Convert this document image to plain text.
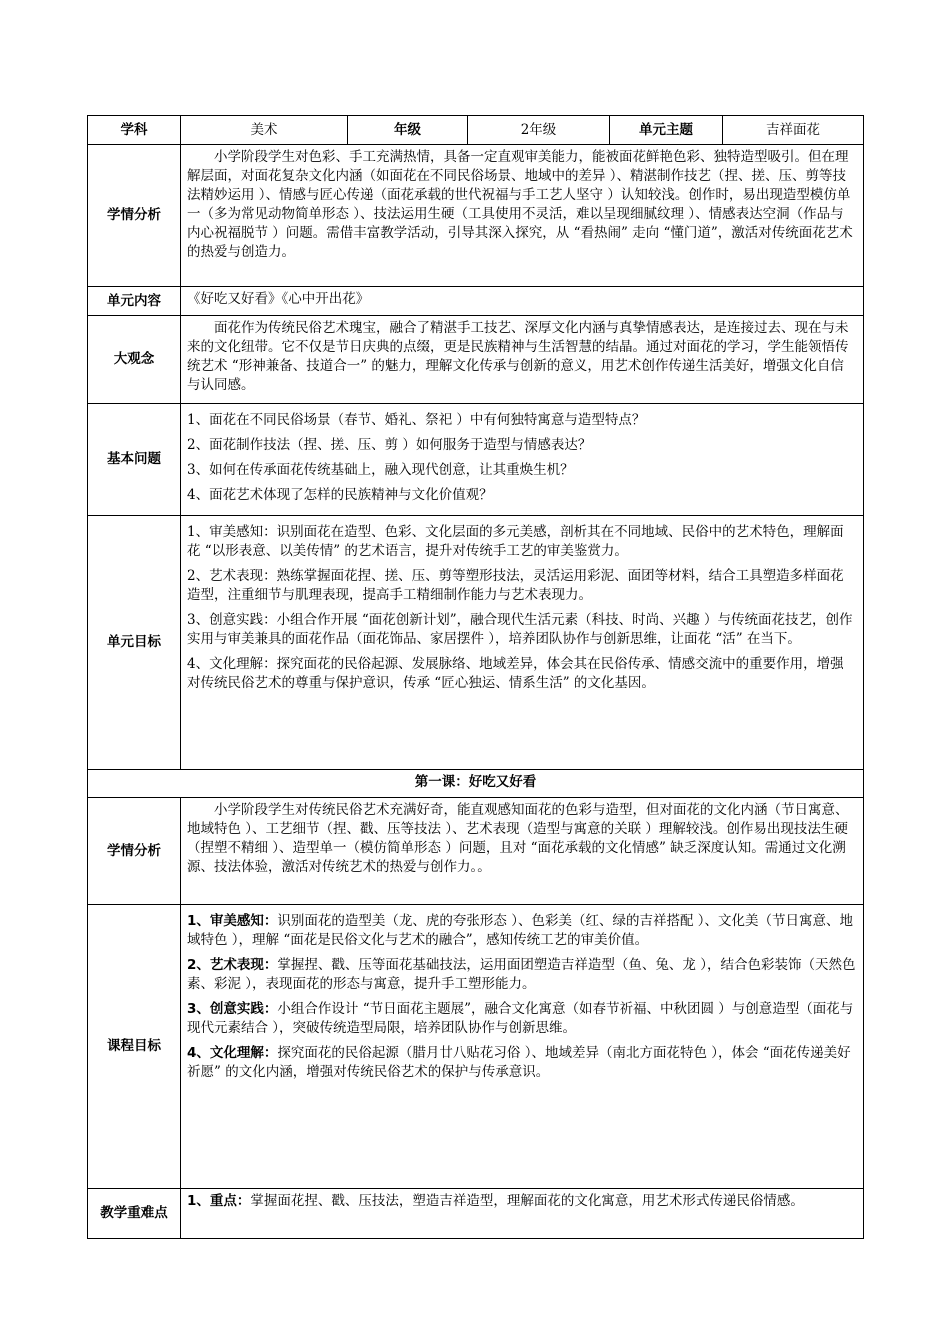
学科	美术	年级	2年级	单元主题	吉祥面花
学情分析	小学阶段学生对色彩、手工充满热情，具备一定直观审美能力，能被面花鲜艳色彩、独特造型吸引。但在理解层面，对面花复杂文化内涵（如面花在不同民俗场景、地域中的差异 ）、精湛制作技艺（捏、搓、压、剪等技法精妙运用 ）、情感与匠心传递（面花承载的世代祝福与手工艺人坚守 ）认知较浅。创作时，易出现造型模仿单一（多为常见动物简单形态 ）、技法运用生硬（工具使用不灵活，难以呈现细腻纹理 ）、情感表达空洞（作品与内心祝福脱节 ）问题。需借丰富教学活动，引导其深入探究，从 “看热闹” 走向 “懂门道”，激活对传统面花艺术的热爱与创造力。				

单元内容	《好吃又好看》《心中开出花》				
大观念	面花作为传统民俗艺术瑰宝，融合了精湛手工技艺、深厚文化内涵与真挚情感表达，是连接过去、现在与未来的文化纽带。它不仅是节日庆典的点缀，更是民族精神与生活智慧的结晶。通过对面花的学习，学生能领悟传统艺术 “形神兼备、技道合一” 的魅力，理解文化传承与创新的意义，用艺术创作传递生活美好，增强文化自信与认同感。				

基本问题	1、面花在不同民俗场景（春节、婚礼、祭祀 ）中有何独特寓意与造型特点？

2、面花制作技法（捏、搓、压、剪 ）如何服务于造型与情感表达？

3、如何在传承面花传统基础上，融入现代创意，让其重焕生机？

4、面花艺术体现了怎样的民族精神与文化价值观？				

单元目标	1、审美感知：识别面花在造型、色彩、文化层面的多元美感，剖析其在不同地域、民俗中的艺术特色，理解面花 “以形表意、以美传情” 的艺术语言，提升对传统手工艺的审美鉴赏力。

2、艺术表现：熟练掌握面花捏、搓、压、剪等塑形技法，灵活运用彩泥、面团等材料，结合工具塑造多样面花造型，注重细节与肌理表现，提高手工精细制作能力与艺术表现力。

3、创意实践：小组合作开展 “面花创新计划”，融合现代生活元素（科技、时尚、兴趣 ）与传统面花技艺，创作实用与审美兼具的面花作品（面花饰品、家居摆件 ），培养团队协作与创新思维，让面花 “活” 在当下。

4、文化理解：探究面花的民俗起源、发展脉络、地域差异，体会其在民俗传承、情感交流中的重要作用，增强对传统民俗艺术的尊重与保护意识，传承 “匠心独运、情系生活” 的文化基因。				

第一课：好吃又好看					
学情分析	小学阶段学生对传统民俗艺术充满好奇，能直观感知面花的色彩与造型，但对面花的文化内涵（节日寓意、地域特色 ）、工艺细节（捏、戳、压等技法 ）、艺术表现（造型与寓意的关联 ）理解较浅。创作易出现技法生硬（捏塑不精细 ）、造型单一（模仿简单形态 ）问题，且对 “面花承载的文化情感” 缺乏深度认知。需通过文化溯源、技法体验，激活对传统艺术的热爱与创作力。。				

课程目标	1、审美感知：识别面花的造型美（龙、虎的夸张形态 ）、色彩美（红、绿的吉祥搭配 ）、文化美（节日寓意、地域特色 ），理解 “面花是民俗文化与艺术的融合”，感知传统工艺的审美价值。

2、艺术表现：掌握捏、戳、压等面花基础技法，运用面团塑造吉祥造型（鱼、兔、龙 ），结合色彩装饰（天然色素、彩泥 ），表现面花的形态与寓意，提升手工塑形能力。

3、创意实践：小组合作设计 “节日面花主题展”，融合文化寓意（如春节祈福、中秋团圆 ）与创意造型（面花与现代元素结合 ），突破传统造型局限，培养团队协作与创新思维。

4、文化理解：探究面花的民俗起源（腊月廿八贴花习俗 ）、地域差异（南北方面花特色 ），体会 “面花传递美好祈愿” 的文化内涵，增强对传统民俗艺术的保护与传承意识。				

教学重难点	1、重点：掌握面花捏、戳、压技法，塑造吉祥造型，理解面花的文化寓意，用艺术形式传递民俗情感。				
